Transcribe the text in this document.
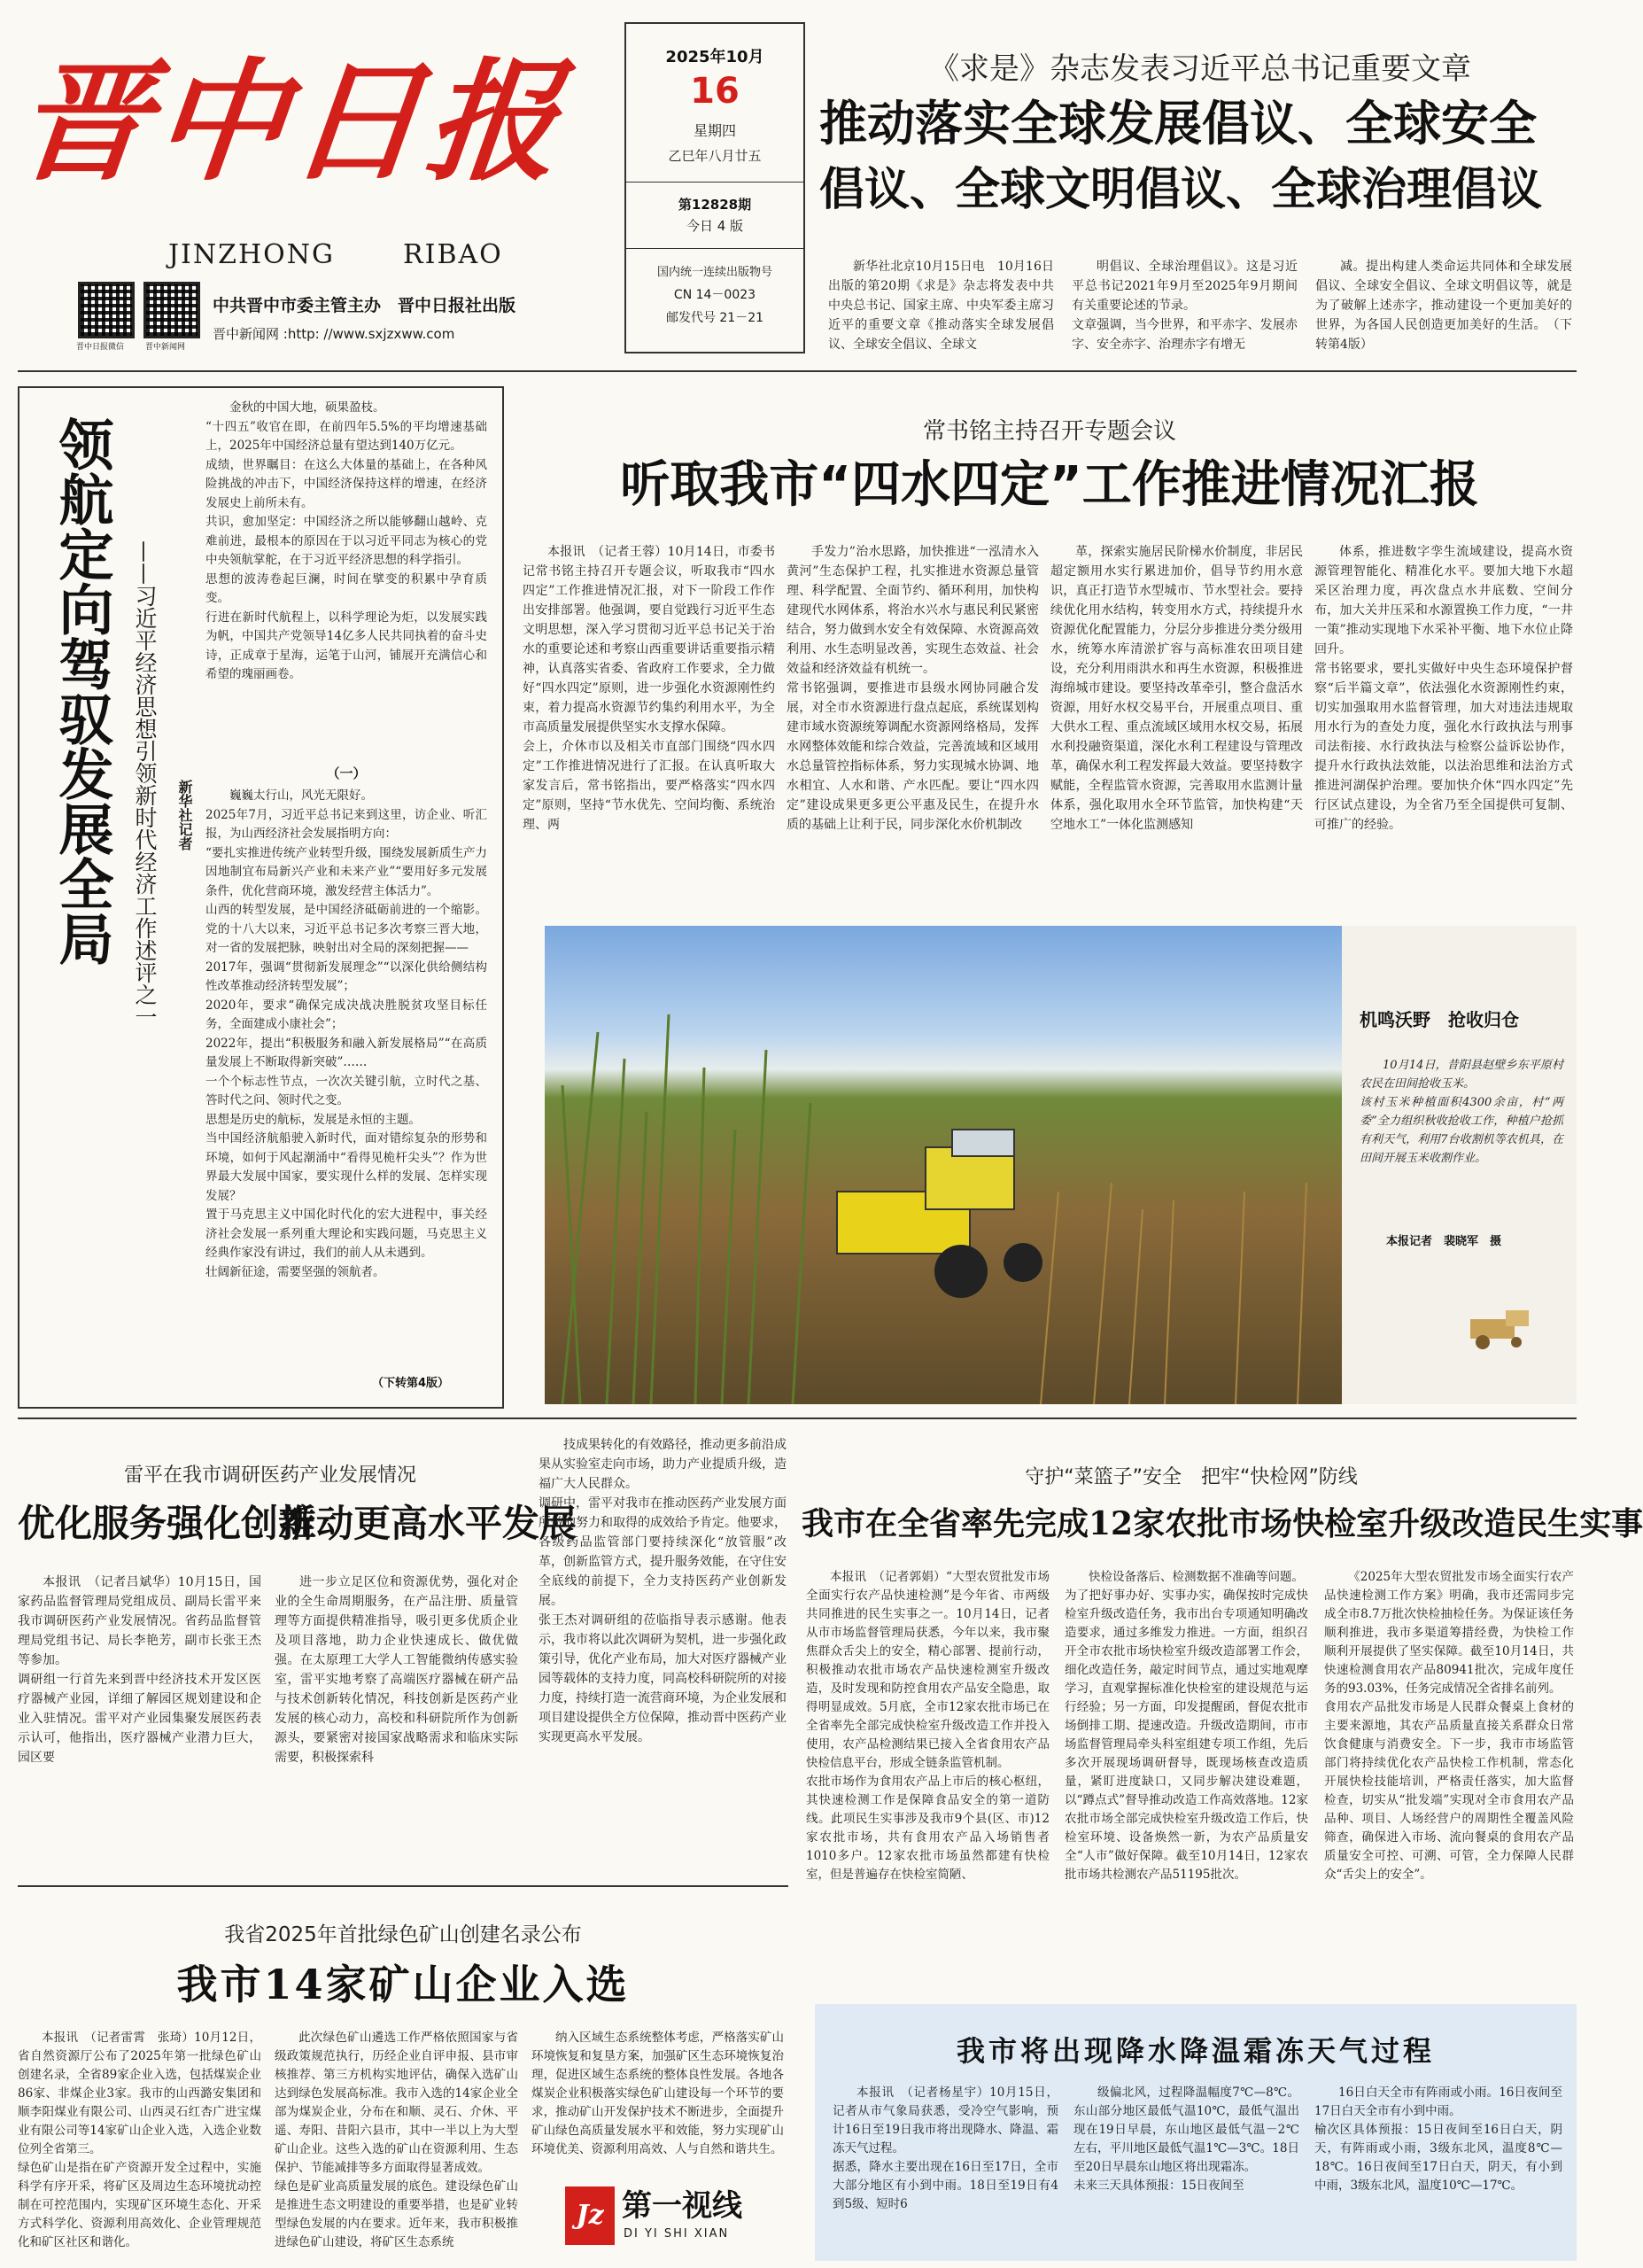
晋中日报
JINZHONG	RIBAO
晋中日报微信	晋中新闻网
中共晋中市委主管主办　晋中日报社出版
晋中新闻网 :http: //www.sxjzxww.com
2025年10月
16
星期四
乙巳年八月廿五
第12828期
今日 4 版
国内统一连续出版物号
CN 14－0023
邮发代号 21－21
《求是》杂志发表习近平总书记重要文章
推动落实全球发展倡议、全球安全
倡议、全球文明倡议、全球治理倡议

新华社北京10月15日电　10月16日出版的第20期《求是》杂志将发表中共中央总书记、国家主席、中央军委主席习近平的重要文章《推动落实全球发展倡议、全球安全倡议、全球文

明倡议、全球治理倡议》。这是习近平总书记2021年9月至2025年9月期间有关重要论述的节录。
文章强调，当今世界，和平赤字、发展赤字、安全赤字、治理赤字有增无

减。提出构建人类命运共同体和全球发展倡议、全球安全倡议、全球文明倡议等，就是为了破解上述赤字，推动建设一个更加美好的世界，为各国人民创造更加美好的生活。　（下转第4版）

领航定向驾驭发展全局 ——习近平经济思想引领新时代经济工作述评之一 新华社记者

金秋的中国大地，硕果盈枝。
“十四五”收官在即，在前四年5.5%的平均增速基础上，2025年中国经济总量有望达到140万亿元。
成绩，世界瞩目：在这么大体量的基础上，在各种风险挑战的冲击下，中国经济保持这样的增速，在经济发展史上前所未有。
共识，愈加坚定：中国经济之所以能够翻山越岭、克难前进，最根本的原因在于以习近平同志为核心的党中央领航掌舵，在于习近平经济思想的科学指引。
思想的波涛卷起巨澜，时间在擘变的积累中孕育质变。
行进在新时代航程上，以科学理论为炬，以发展实践为帆，中国共产党领导14亿多人民共同执着的奋斗史诗，正成章于星海，运笔于山河，铺展开充满信心和希望的瑰丽画卷。

（一）

巍巍太行山，风光无限好。
2025年7月，习近平总书记来到这里，访企业、听汇报，为山西经济社会发展指明方向：
“要扎实推进传统产业转型升级，围绕发展新质生产力因地制宜布局新兴产业和未来产业”“要用好多元发展条件，优化营商环境，激发经营主体活力”。
山西的转型发展，是中国经济砥砺前进的一个缩影。党的十八大以来，习近平总书记多次考察三晋大地，对一省的发展把脉，映射出对全局的深刻把握——
2017年，强调“贯彻新发展理念”“以深化供给侧结构性改革推动经济转型发展”；
2020年，要求“确保完成决战决胜脱贫攻坚目标任务，全面建成小康社会”；
2022年，提出“积极服务和融入新发展格局”“在高质量发展上不断取得新突破”……
一个个标志性节点，一次次关键引航，立时代之基、答时代之问、领时代之变。
思想是历史的航标，发展是永恒的主题。
当中国经济航船驶入新时代，面对错综复杂的形势和环境，如何于风起潮涌中“看得见桅杆尖头”？作为世界最大发展中国家，要实现什么样的发展、怎样实现发展？
置于马克思主义中国化时代化的宏大进程中，事关经济社会发展一系列重大理论和实践问题，马克思主义经典作家没有讲过，我们的前人从未遇到。
壮阔新征途，需要坚强的领航者。

（下转第4版）
常书铭主持召开专题会议
听取我市“四水四定”工作推进情况汇报

本报讯　（记者王蓉）10月14日，市委书记常书铭主持召开专题会议，听取我市“四水四定”工作推进情况汇报，对下一阶段工作作出安排部署。他强调，要自觉践行习近平生态文明思想，深入学习贯彻习近平总书记关于治水的重要论述和考察山西重要讲话重要指示精神，认真落实省委、省政府工作要求，全力做好“四水四定”原则，进一步强化水资源刚性约束，着力提高水资源节约集约利用水平，为全市高质量发展提供坚实水支撑水保障。
会上，介休市以及相关市直部门围绕“四水四定”工作推进情况进行了汇报。在认真听取大家发言后，常书铭指出，要严格落实“四水四定”原则，坚持“节水优先、空间均衡、系统治理、两

手发力”治水思路，加快推进“一泓清水入黄河”生态保护工程，扎实推进水资源总量管理、科学配置、全面节约、循环利用，加快构建现代水网体系，将治水兴水与惠民利民紧密结合，努力做到水安全有效保障、水资源高效利用、水生态明显改善，实现生态效益、社会效益和经济效益有机统一。
常书铭强调，要推进市县级水网协同融合发展，对全市水资源进行盘点起底，系统谋划构建市域水资源统筹调配水资源网络格局，发挥水网整体效能和综合效益，完善流域和区域用水总量管控指标体系，努力实现城水协调、地水相宜、人水和谐、产水匹配。要让“四水四定”建设成果更多更公平惠及民生，在提升水质的基础上让利于民，同步深化水价机制改

革，探索实施居民阶梯水价制度，非居民超定额用水实行累进加价，倡导节约用水意识，真正打造节水型城市、节水型社会。要持续优化用水结构，转变用水方式，持续提升水资源优化配置能力，分层分步推进分类分级用水，统筹水库清淤扩容与高标准农田项目建设，充分利用雨洪水和再生水资源，积极推进海绵城市建设。要坚持改革牵引，整合盘活水资源，用好水权交易平台，开展重点项目、重大供水工程、重点流域区域用水权交易，拓展水利投融资渠道，深化水利工程建设与管理改革，确保水利工程发挥最大效益。要坚持数字赋能，全程监管水资源，完善取用水监测计量体系，强化取用水全环节监管，加快构建“天空地水工”一体化监测感知

体系，推进数字孪生流域建设，提高水资源管理智能化、精准化水平。要加大地下水超采区治理力度，再次盘点水井底数、空间分布，加大关井压采和水源置换工作力度，“一井一策”推动实现地下水采补平衡、地下水位止降回升。
常书铭要求，要扎实做好中央生态环境保护督察“后半篇文章”，依法强化水资源刚性约束，切实加强取用水监督管理，加大对违法违规取用水行为的查处力度，强化水行政执法与刑事司法衔接、水行政执法与检察公益诉讼协作，提升水行政执法效能，以法治思维和法治方式推进河湖保护治理。要加快介休“四水四定”先行区试点建设，为全省乃至全国提供可复制、可推广的经验。

机鸣沃野　抢收归仓

10月14日，昔阳县赵壁乡东平原村农民在田间抢收玉米。
该村玉米种植面积4300余亩，村“两委”全力组织秋收抢收工作，种植户抢抓有利天气，利用7台收割机等农机具，在田间开展玉米收割作业。

本报记者　裴晓军　摄
雷平在我市调研医药产业发展情况
优化服务强化创新
推动更高水平发展

本报讯　（记者吕斌华）10月15日，国家药品监督管理局党组成员、副局长雷平来我市调研医药产业发展情况。省药品监督管理局党组书记、局长李艳芳，副市长张王杰等参加。
调研组一行首先来到晋中经济技术开发区医疗器械产业园，详细了解园区规划建设和企业入驻情况。雷平对产业园集聚发展医药表示认可，他指出，医疗器械产业潜力巨大，园区要

进一步立足区位和资源优势，强化对企业的全生命周期服务，在产品注册、质量管理等方面提供精准指导，吸引更多优质企业及项目落地，助力企业快速成长、做优做强。在太原理工大学人工智能微纳传感实验室，雷平实地考察了高端医疗器械在研产品与技术创新转化情况，科技创新是医药产业发展的核心动力，高校和科研院所作为创新源头，要紧密对接国家战略需求和临床实际需要，积极探索科

技成果转化的有效路径，推动更多前沿成果从实验室走向市场，助力产业提质升级，造福广大人民群众。
调研中，雷平对我市在推动医药产业发展方面所做的努力和取得的成效给予肯定。他要求，各级药品监管部门要持续深化“放管服”改革，创新监管方式，提升服务效能，在守住安全底线的前提下，全力支持医药产业创新发展。
张王杰对调研组的莅临指导表示感谢。他表示，我市将以此次调研为契机，进一步强化政策引导，优化产业布局，加大对医疗器械产业园等载体的支持力度，同高校科研院所的对接力度，持续打造一流营商环境，为企业发展和项目建设提供全方位保障，推动晋中医药产业实现更高水平发展。

守护“菜篮子”安全　把牢“快检网”防线
我市在全省率先完成12家农批市场快检室升级改造民生实事

本报讯　（记者郭娟）“大型农贸批发市场全面实行农产品快速检测”是今年省、市两级共同推进的民生实事之一。10月14日，记者从市市场监督管理局获悉，今年以来，我市聚焦群众舌尖上的安全，精心部署、提前行动，积极推动农批市场农产品快速检测室升级改造，及时发现和防控食用农产品安全隐患，取得明显成效。5月底，全市12家农批市场已在全省率先全部完成快检室升级改造工作并投入使用，农产品检测结果已接入全省食用农产品快检信息平台，形成全链条监管机制。
农批市场作为食用农产品上市后的核心枢纽，其快速检测工作是保障食品安全的第一道防线。此项民生实事涉及我市9个县(区、市)12家农批市场，共有食用农产品入场销售者1010多户。12家农批市场虽然都建有快检室，但是普遍存在快检室简陋、

快检设备落后、检测数据不准确等问题。
为了把好事办好、实事办实，确保按时完成快检室升级改造任务，我市出台专项通知明确改造要求，通过多维发力推进。一方面，组织召开全市农批市场快检室升级改造部署工作会，细化改造任务，敲定时间节点，通过实地观摩学习，直观掌握标准化快检室的建设规范与运行经验；另一方面，印发提醒函，督促农批市场倒排工期、提速改造。升级改造期间，市市场监督管理局牵头科室组建专项工作组，先后多次开展现场调研督导，既现场核查改造质量，紧盯进度缺口，又同步解决建设难题，以“蹲点式”督导推动改造工作高效落地。12家农批市场全部完成快检室升级改造工作后，快检室环境、设备焕然一新，为农产品质量安全“人市”做好保障。截至10月14日，12家农批市场共检测农产品51195批次。

《2025年大型农贸批发市场全面实行农产品快速检测工作方案》明确，我市还需同步完成全市8.7万批次快检抽检任务。为保证该任务顺利推进，我市多渠道筹措经费，为快检工作顺利开展提供了坚实保障。截至10月14日，共快速检测食用农产品80941批次，完成年度任务的93.03%，任务完成情况全省排名前列。
食用农产品批发市场是人民群众餐桌上食材的主要来源地，其农产品质量直接关系群众日常饮食健康与消费安全。下一步，我市市场监管部门将持续优化农产品快检工作机制，常态化开展快检技能培训，严格责任落实，加大监督检查，切实从“批发端”实现对全市食用农产品品种、项目、人场经营户的周期性全覆盖风险筛查，确保进入市场、流向餐桌的食用农产品质量安全可控、可溯、可管，全力保障人民群众“舌尖上的安全”。

我省2025年首批绿色矿山创建名录公布
我市14家矿山企业入选

本报讯　（记者雷霄　张琦）10月12日，省自然资源厅公布了2025年第一批绿色矿山创建名录，全省89家企业入选，包括煤炭企业86家、非煤企业3家。我市的山西潞安集团和顺李阳煤业有限公司、山西灵石红杏广进宝煤业有限公司等14家矿山企业入选，入选企业数位列全省第三。
绿色矿山是指在矿产资源开发全过程中，实施科学有序开采，将矿区及周边生态环境扰动控制在可控范围内，实现矿区环境生态化、开采方式科学化、资源利用高效化、企业管理规范化和矿区社区和谐化。

此次绿色矿山遴选工作严格依照国家与省级政策规范执行，历经企业自评申报、县市审核推荐、第三方机构实地评估，确保入选矿山达到绿色发展高标准。我市入选的14家企业全部为煤炭企业，分布在和顺、灵石、介休、平遥、寿阳、昔阳六县市，其中一半以上为大型矿山企业。这些入选的矿山在资源利用、生态保护、节能减排等多方面取得显著成效。
绿色是矿业高质量发展的底色。建设绿色矿山是推进生态文明建设的重要举措，也是矿业转型绿色发展的内在要求。近年来，我市积极推进绿色矿山建设，将矿区生态系统

纳入区域生态系统整体考虑，严格落实矿山环境恢复和复垦方案，加强矿区生态环境恢复治理，促进区域生态系统的整体良性发展。各地各煤炭企业积极落实绿色矿山建设每一个环节的要求，推动矿山开发保护技术不断进步，全面提升矿山绿色高质量发展水平和效能，努力实现矿山环境优美、资源利用高效、人与自然和谐共生。

Jz 第一视线
DI YI SHI XIAN
我市将出现降水降温霜冻天气过程

本报讯　（记者杨星宇）10月15日，记者从市气象局获悉，受冷空气影响，预计16日至19日我市将出现降水、降温、霜冻天气过程。
据悉，降水主要出现在16日至17日，全市大部分地区有小到中雨。18日至19日有4到5级、短时6

级偏北风，过程降温幅度7℃—8℃。东山部分地区最低气温10℃，最低气温出现在19日早晨，东山地区最低气温－2℃左右，平川地区最低气温1℃—3℃。18日至20日早晨东山地区将出现霜冻。
未来三天具体预报：15日夜间至

16日白天全市有阵雨或小雨。16日夜间至17日白天全市有小到中雨。
榆次区具体预报：15日夜间至16日白天，阴天，有阵雨或小雨，3级东北风，温度8℃—18℃。16日夜间至17日白天，阴天，有小到中雨，3级东北风，温度10℃—17℃。
